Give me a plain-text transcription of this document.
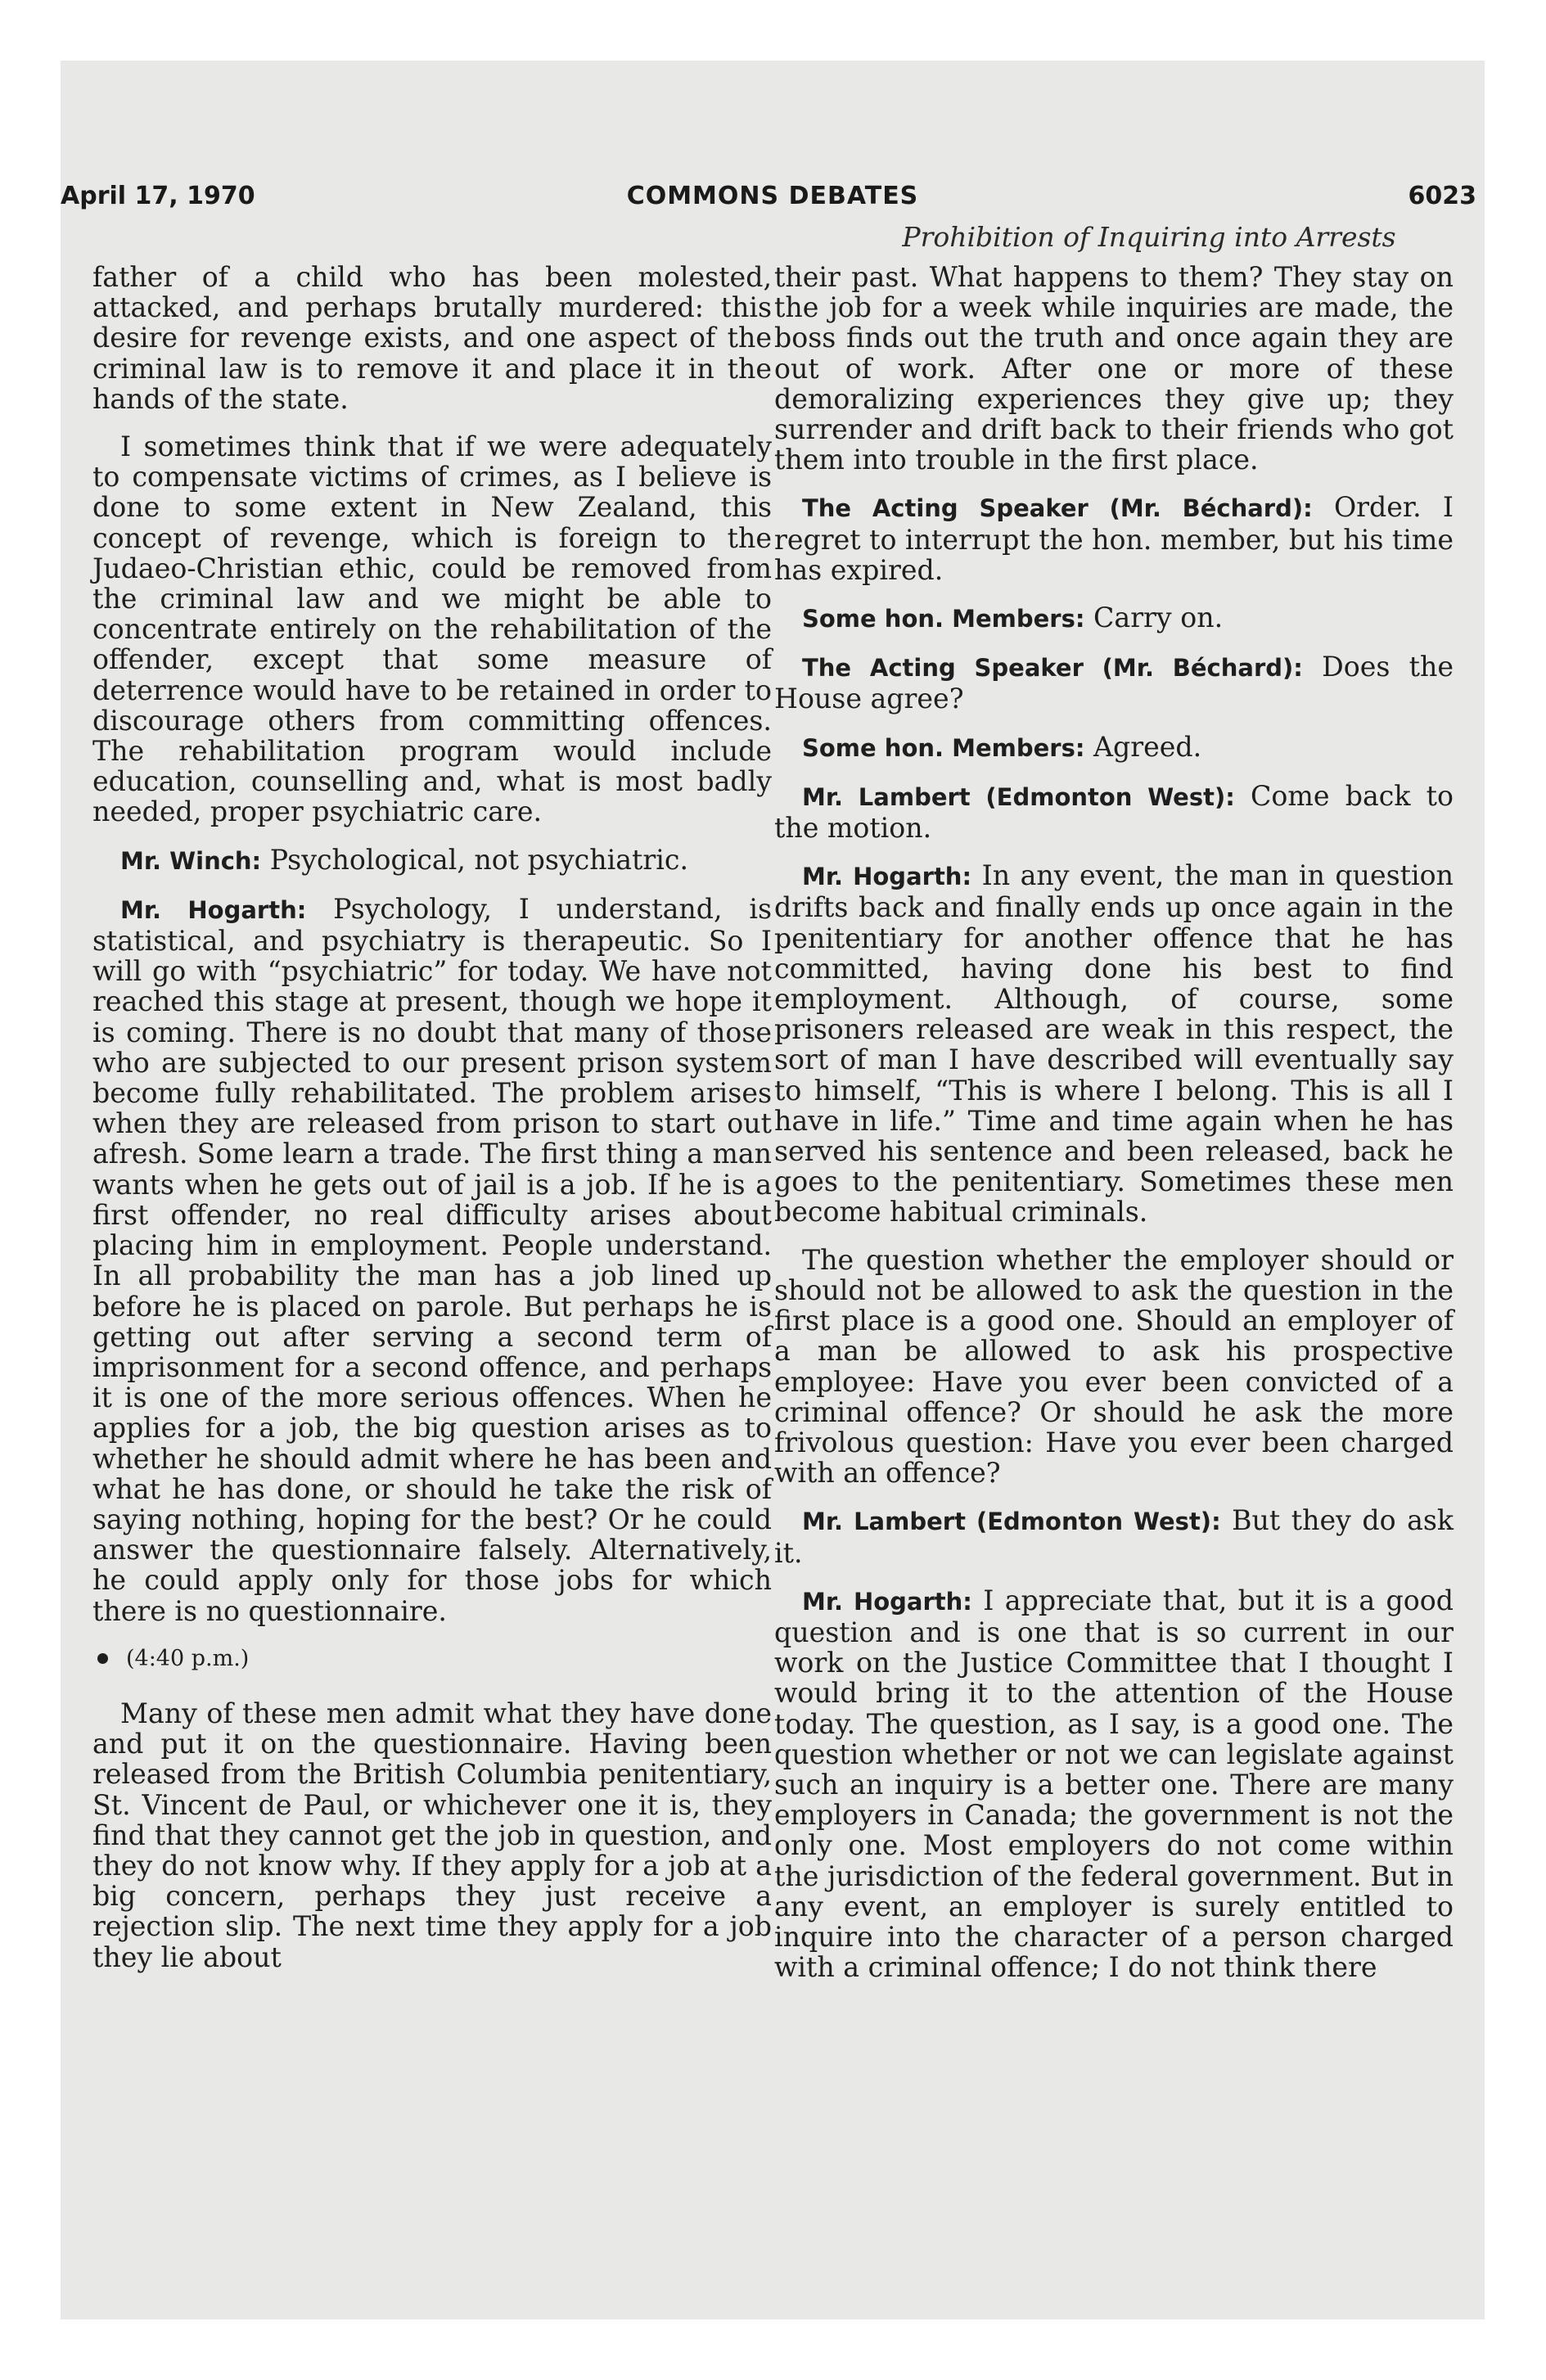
April 17, 1970	COMMONS DEBATES	6023
Prohibition of Inquiring into Arrests

father of a child who has been molested, attacked, and perhaps brutally murdered: this desire for revenge exists, and one aspect of the criminal law is to remove it and place it in the hands of the state.

I sometimes think that if we were adequately to compensate victims of crimes, as I believe is done to some extent in New Zealand, this concept of revenge, which is foreign to the Judaeo-Christian ethic, could be removed from the criminal law and we might be able to concentrate entirely on the rehabilitation of the offender, except that some measure of deterrence would have to be retained in order to discourage others from committing offences. The rehabilitation program would include education, counselling and, what is most badly needed, proper psychiatric care.

Mr. Winch: Psychological, not psychiatric.

Mr. Hogarth: Psychology, I understand, is statistical, and psychiatry is therapeutic. So I will go with “psychiatric” for today. We have not reached this stage at present, though we hope it is coming. There is no doubt that many of those who are subjected to our present prison system become fully rehabilitated. The problem arises when they are released from prison to start out afresh. Some learn a trade. The first thing a man wants when he gets out of jail is a job. If he is a first offender, no real difficulty arises about placing him in employment. People understand. In all probability the man has a job lined up before he is placed on parole. But perhaps he is getting out after serving a second term of imprisonment for a second offence, and perhaps it is one of the more serious offences. When he applies for a job, the big question arises as to whether he should admit where he has been and what he has done, or should he take the risk of saying nothing, hoping for the best? Or he could answer the questionnaire falsely. Alternatively, he could apply only for those jobs for which there is no questionnaire.

(4:40 p.m.)

Many of these men admit what they have done and put it on the questionnaire. Having been released from the British Columbia penitentiary, St. Vincent de Paul, or whichever one it is, they find that they cannot get the job in question, and they do not know why. If they apply for a job at a big concern, perhaps they just receive a rejection slip. The next time they apply for a job they lie about

their past. What happens to them? They stay on the job for a week while inquiries are made, the boss finds out the truth and once again they are out of work. After one or more of these demoralizing experiences they give up; they surrender and drift back to their friends who got them into trouble in the first place.

The Acting Speaker (Mr. Béchard): Order. I regret to interrupt the hon. member, but his time has expired.

Some hon. Members: Carry on.

The Acting Speaker (Mr. Béchard): Does the House agree?

Some hon. Members: Agreed.

Mr. Lambert (Edmonton West): Come back to the motion.

Mr. Hogarth: In any event, the man in question drifts back and finally ends up once again in the penitentiary for another offence that he has committed, having done his best to find employment. Although, of course, some prisoners released are weak in this respect, the sort of man I have described will eventually say to himself, “This is where I belong. This is all I have in life.” Time and time again when he has served his sentence and been released, back he goes to the penitentiary. Sometimes these men become habitual criminals.

The question whether the employer should or should not be allowed to ask the question in the first place is a good one. Should an employer of a man be allowed to ask his prospective employee: Have you ever been convicted of a criminal offence? Or should he ask the more frivolous question: Have you ever been charged with an offence?

Mr. Lambert (Edmonton West): But they do ask it.

Mr. Hogarth: I appreciate that, but it is a good question and is one that is so current in our work on the Justice Committee that I thought I would bring it to the attention of the House today. The question, as I say, is a good one. The question whether or not we can legislate against such an inquiry is a better one. There are many employers in Canada; the government is not the only one. Most employers do not come within the jurisdiction of the federal government. But in any event, an employer is surely entitled to inquire into the character of a person charged with a criminal offence; I do not think there
